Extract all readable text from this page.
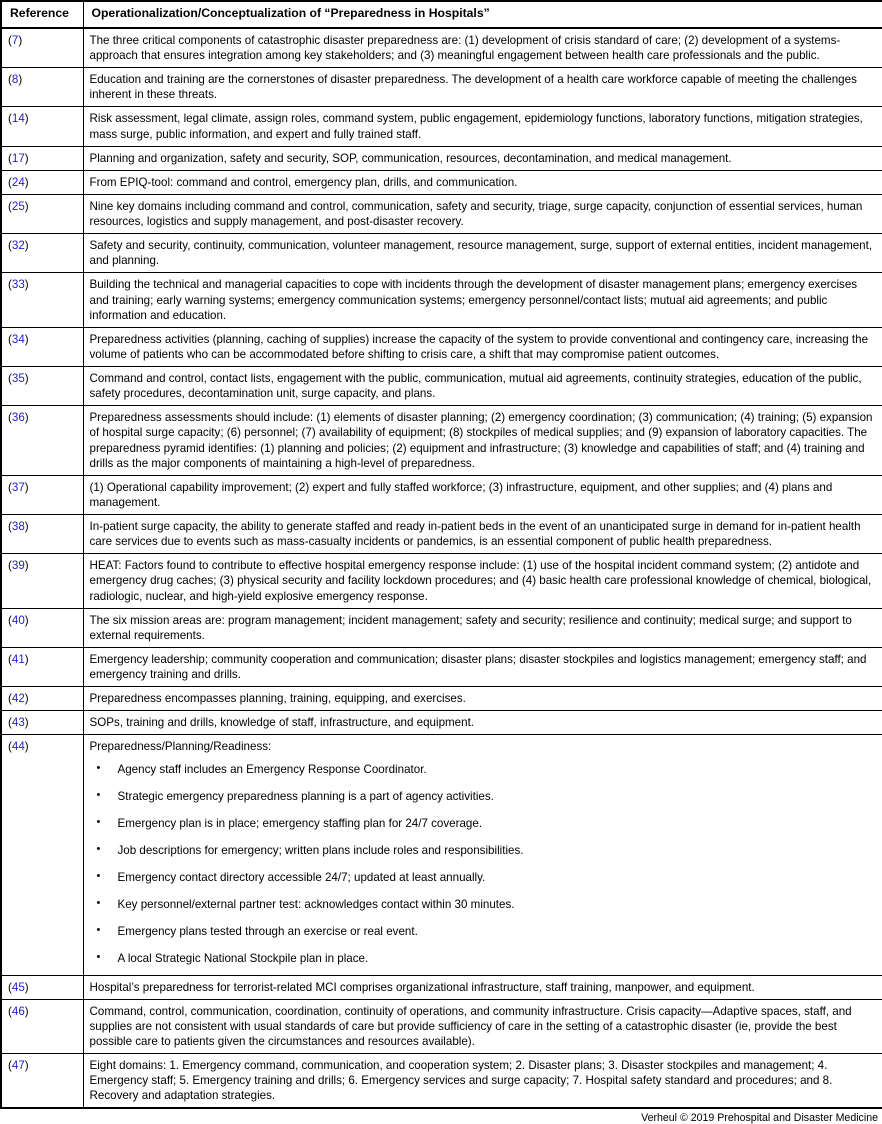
Reference	Operationalization/Conceptualization of “Preparedness in Hospitals”
(7)	The three critical components of catastrophic disaster preparedness are: (1) development of crisis standard of care; (2) development of a systems-approach that ensures integration among key stakeholders; and (3) meaningful engagement between health care professionals and the public.

(8)	Education and training are the cornerstones of disaster preparedness. The development of a health care workforce capable of meeting the challenges inherent in these threats.

(14)	Risk assessment, legal climate, assign roles, command system, public engagement, epidemiology functions, laboratory functions, mitigation strategies, mass surge, public information, and expert and fully trained staff.

(17)	Planning and organization, safety and security, SOP, communication, resources, decontamination, and medical management.

(24)	From EPIQ-tool: command and control, emergency plan, drills, and communication.

(25)	Nine key domains including command and control, communication, safety and security, triage, surge capacity, conjunction of essential services, human resources, logistics and supply management, and post-disaster recovery.

(32)	Safety and security, continuity, communication, volunteer management, resource management, surge, support of external entities, incident management, and planning.

(33)	Building the technical and managerial capacities to cope with incidents through the development of disaster management plans; emergency exercises and training; early warning systems; emergency communication systems; emergency personnel/contact lists; mutual aid agreements; and public information and education.

(34)	Preparedness activities (planning, caching of supplies) increase the capacity of the system to provide conventional and contingency care, increasing the volume of patients who can be accommodated before shifting to crisis care, a shift that may compromise patient outcomes.

(35)	Command and control, contact lists, engagement with the public, communication, mutual aid agreements, continuity strategies, education of the public, safety procedures, decontamination unit, surge capacity, and plans.

(36)	Preparedness assessments should include: (1) elements of disaster planning; (2) emergency coordination; (3) communication; (4) training; (5) expansion of hospital surge capacity; (6) personnel; (7) availability of equipment; (8) stockpiles of medical supplies; and (9) expansion of laboratory capacities. The preparedness pyramid identifies: (1) planning and policies; (2) equipment and infrastructure; (3) knowledge and capabilities of staff; and (4) training and drills as the major components of maintaining a high-level of preparedness.

(37)	(1) Operational capability improvement; (2) expert and fully staffed workforce; (3) infrastructure, equipment, and other supplies; and (4) plans and management.

(38)	In-patient surge capacity, the ability to generate staffed and ready in-patient beds in the event of an unanticipated surge in demand for in-patient health care services due to events such as mass-casualty incidents or pandemics, is an essential component of public health preparedness.

(39)	HEAT: Factors found to contribute to effective hospital emergency response include: (1) use of the hospital incident command system; (2) antidote and emergency drug caches; (3) physical security and facility lockdown procedures; and (4) basic health care professional knowledge of chemical, biological, radiologic, nuclear, and high-yield explosive emergency response.

(40)	The six mission areas are: program management; incident management; safety and security; resilience and continuity; medical surge; and support to external requirements.

(41)	Emergency leadership; community cooperation and communication; disaster plans; disaster stockpiles and logistics management; emergency staff; and emergency training and drills.

(42)	Preparedness encompasses planning, training, equipping, and exercises.

(43)	SOPs, training and drills, knowledge of staff, infrastructure, and equipment.

(44)	Preparedness/Planning/Readiness:

• Agency staff includes an Emergency Response Coordinator.
• Strategic emergency preparedness planning is a part of agency activities.
• Emergency plan is in place; emergency staffing plan for 24/7 coverage.
• Job descriptions for emergency; written plans include roles and responsibilities.
• Emergency contact directory accessible 24/7; updated at least annually.
• Key personnel/external partner test: acknowledges contact within 30 minutes.
• Emergency plans tested through an exercise or real event.
• A local Strategic National Stockpile plan in place.

(45)	Hospital’s preparedness for terrorist-related MCI comprises organizational infrastructure, staff training, manpower, and equipment.

(46)	Command, control, communication, coordination, continuity of operations, and community infrastructure. Crisis capacity—Adaptive spaces, staff, and supplies are not consistent with usual standards of care but provide sufficiency of care in the setting of a catastrophic disaster (ie, provide the best possible care to patients given the circumstances and resources available).

(47)	Eight domains: 1. Emergency command, communication, and cooperation system; 2. Disaster plans; 3. Disaster stockpiles and management; 4. Emergency staff; 5. Emergency training and drills; 6. Emergency services and surge capacity; 7. Hospital safety standard and procedures; and 8. Recovery and adaptation strategies.

Verheul © 2019 Prehospital and Disaster Medicine
